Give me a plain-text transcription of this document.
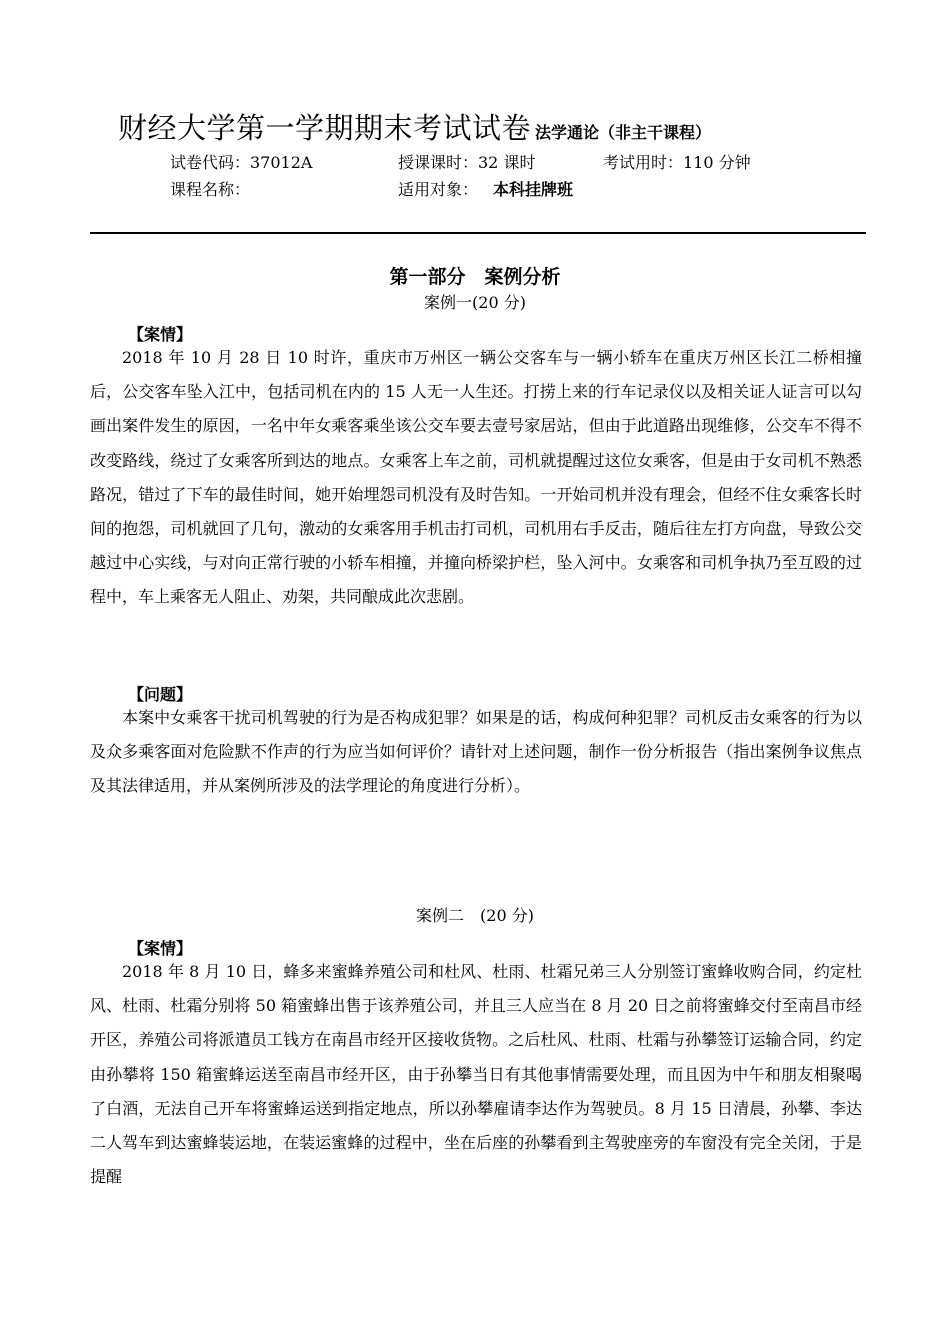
财经大学第一学期期末考试试卷 法学通论（非主干课程）
试卷代码：37012A	授课课时：32 课时	考试用时：110 分钟
课程名称：	适用对象： 本科挂牌班
第一部分　案例分析
案例一(20 分)
【案情】

2018 年 10 月 28 日 10 时许，重庆市万州区一辆公交客车与一辆小轿车在重庆万州区长江二桥相撞后，公交客车坠入江中，包括司机在内的 15 人无一人生还。打捞上来的行车记录仪以及相关证人证言可以勾画出案件发生的原因，一名中年女乘客乘坐该公交车要去壹号家居站，但由于此道路出现维修，公交车不得不改变路线，绕过了女乘客所到达的地点。女乘客上车之前，司机就提醒过这位女乘客，但是由于女司机不熟悉路况，错过了下车的最佳时间，她开始埋怨司机没有及时告知。一开始司机并没有理会，但经不住女乘客长时间的抱怨，司机就回了几句，激动的女乘客用手机击打司机，司机用右手反击，随后往左打方向盘，导致公交越过中心实线，与对向正常行驶的小轿车相撞，并撞向桥梁护栏，坠入河中。女乘客和司机争执乃至互殴的过程中，车上乘客无人阻止、劝架，共同酿成此次悲剧。

【问题】

本案中女乘客干扰司机驾驶的行为是否构成犯罪？如果是的话，构成何种犯罪？司机反击女乘客的行为以及众多乘客面对危险默不作声的行为应当如何评价？请针对上述问题，制作一份分析报告（指出案例争议焦点及其法律适用，并从案例所涉及的法学理论的角度进行分析）。

案例二　(20 分)
【案情】

2018 年 8 月 10 日，蜂多来蜜蜂养殖公司和杜风、杜雨、杜霜兄弟三人分别签订蜜蜂收购合同，约定杜风、杜雨、杜霜分别将 50 箱蜜蜂出售于该养殖公司，并且三人应当在 8 月 20 日之前将蜜蜂交付至南昌市经开区，养殖公司将派遣员工钱方在南昌市经开区接收货物。之后杜风、杜雨、杜霜与孙攀签订运输合同，约定由孙攀将 150 箱蜜蜂运送至南昌市经开区，由于孙攀当日有其他事情需要处理，而且因为中午和朋友相聚喝了白酒，无法自己开车将蜜蜂运送到指定地点，所以孙攀雇请李达作为驾驶员。8 月 15 日清晨，孙攀、李达二人驾车到达蜜蜂装运地，在装运蜜蜂的过程中，坐在后座的孙攀看到主驾驶座旁的车窗没有完全关闭，于是提醒
